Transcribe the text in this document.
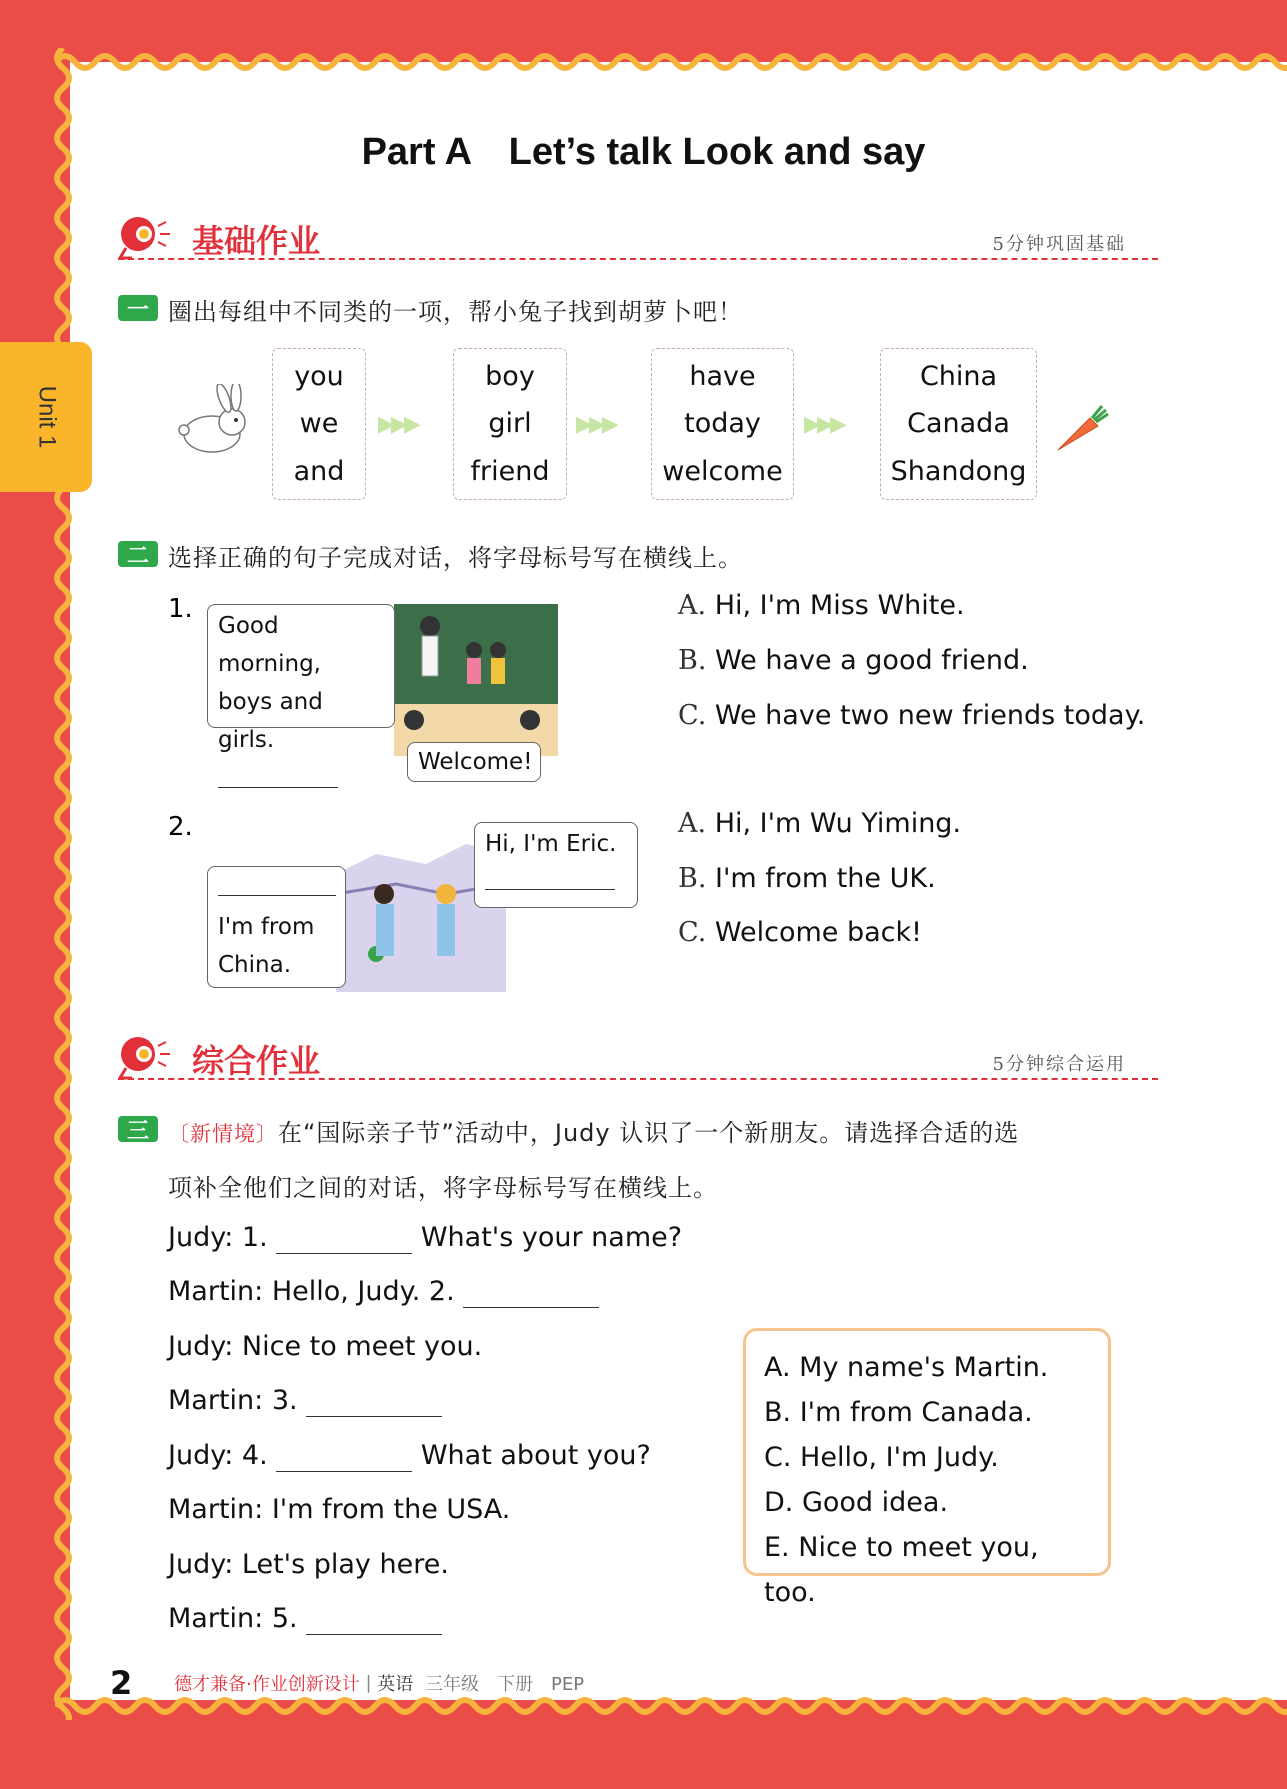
Unit 1
Part A　Let’s talk Look and say
基础作业	5分钟巩固基础
一 圈出每组中不同类的一项，帮小兔子找到胡萝卜吧！
you
we
and
▶▶▶
boy
girl
friend
▶▶▶
have
today
welcome
▶▶▶
China
Canada
Shandong
二 选择正确的句子完成对话，将字母标号写在横线上。
1.
Good morning,
boys and girls.
Welcome!
A. Hi, I'm Miss White.
B. We have a good friend.
C. We have two new friends today.
2.
Hi, I'm Eric.
I'm from
China.
A. Hi, I'm Wu Yiming.
B. I'm from the UK.
C. Welcome back!
综合作业	5分钟综合运用
三 〔新情境〕在“国际亲子节”活动中，Judy 认识了一个新朋友。请选择合适的选
项补全他们之间的对话，将字母标号写在横线上。
Judy: 1.	What's your name?
Martin: Hello, Judy. 2.
Judy: Nice to meet you.
Martin: 3.
Judy: 4.	What about you?
Martin: I'm from the USA.
Judy: Let's play here.
Martin: 5.
A. My name's Martin.
B. I'm from Canada.
C. Hello, I'm Judy.
D. Good idea.
E. Nice to meet you, too.
2 德才兼备·作业创新设计 | 英语 三年级　下册　PEP
